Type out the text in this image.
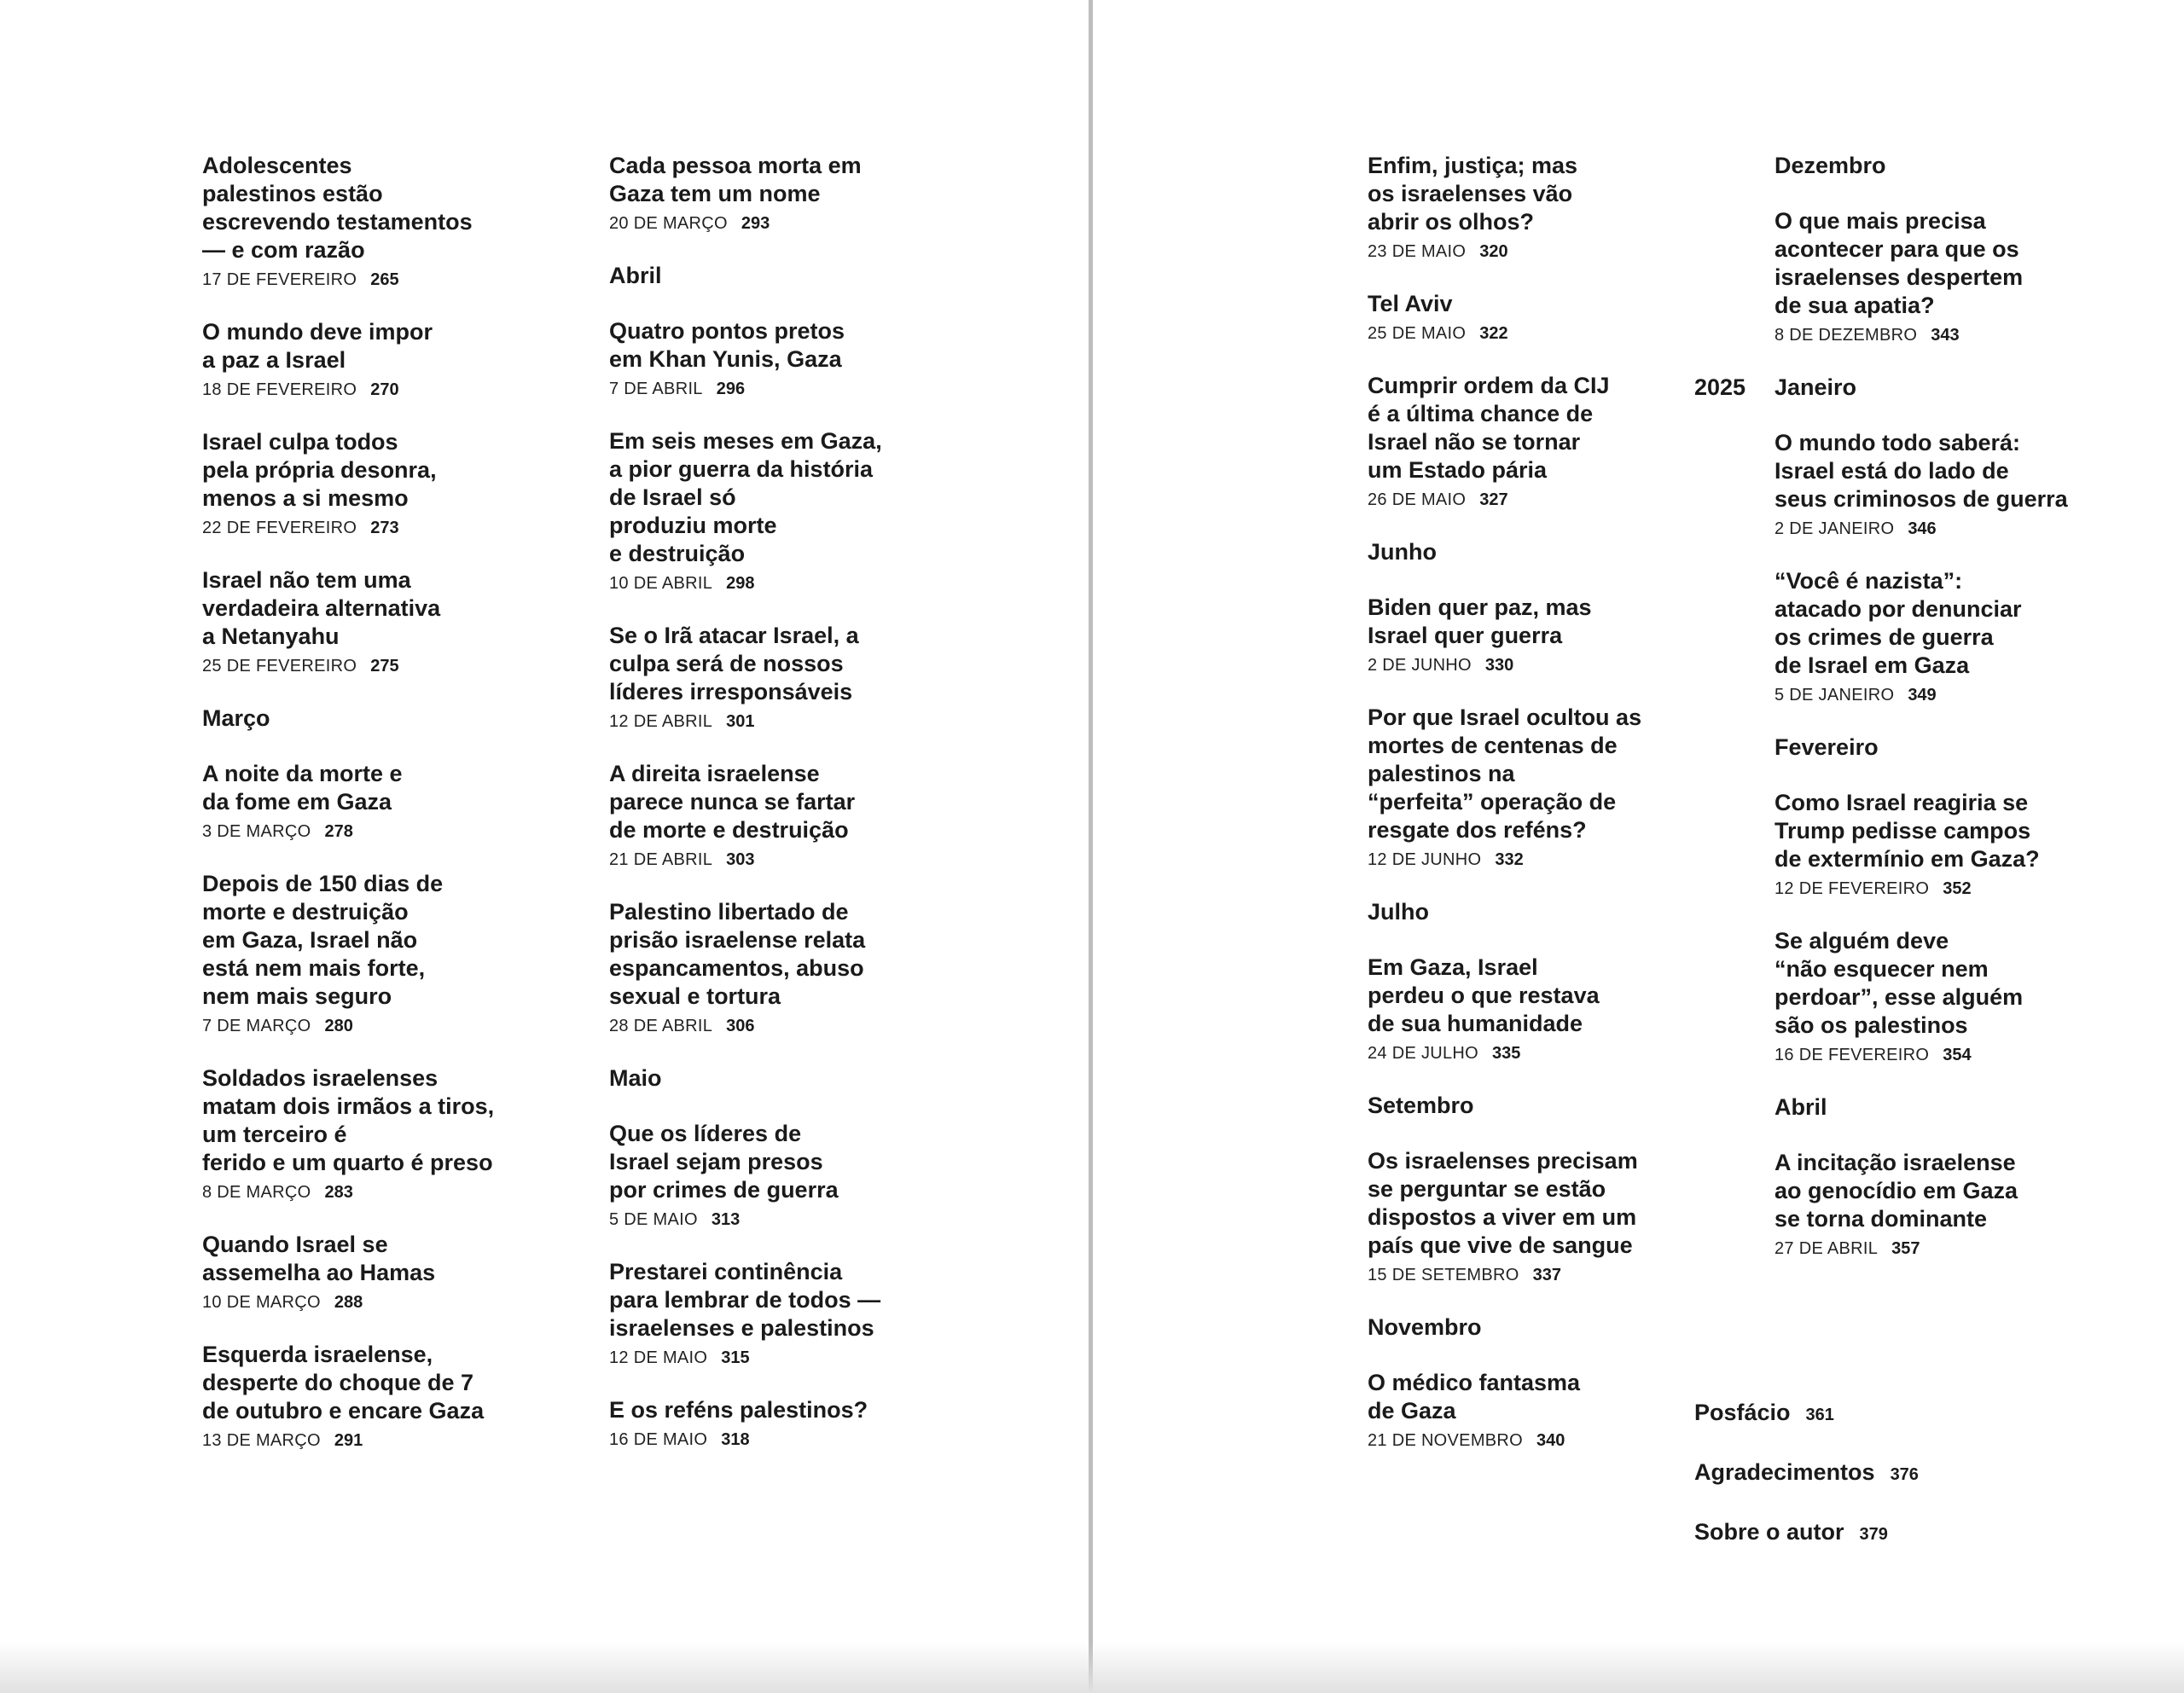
Adolescentes
palestinos estão
escrevendo testamentos
— e com razão
17 DE FEVEREIRO 265
O mundo deve impor
a paz a Israel
18 DE FEVEREIRO 270
Israel culpa todos
pela própria desonra,
menos a si mesmo
22 DE FEVEREIRO 273
Israel não tem uma
verdadeira alternativa
a Netanyahu
25 DE FEVEREIRO 275
Março
A noite da morte e
da fome em Gaza
3 DE MARÇO 278
Depois de 150 dias de
morte e destruição
em Gaza, Israel não
está nem mais forte,
nem mais seguro
7 DE MARÇO 280
Soldados israelenses
matam dois irmãos a tiros,
um terceiro é
ferido e um quarto é preso
8 DE MARÇO 283
Quando Israel se
assemelha ao Hamas
10 DE MARÇO 288
Esquerda israelense,
desperte do choque de 7
de outubro e encare Gaza
13 DE MARÇO 291
Cada pessoa morta em
Gaza tem um nome
20 DE MARÇO 293
Abril
Quatro pontos pretos
em Khan Yunis, Gaza
7 DE ABRIL 296
Em seis meses em Gaza,
a pior guerra da história
de Israel só
produziu morte
e destruição
10 DE ABRIL 298
Se o Irã atacar Israel, a
culpa será de nossos
líderes irresponsáveis
12 DE ABRIL 301
A direita israelense
parece nunca se fartar
de morte e destruição
21 DE ABRIL 303
Palestino libertado de
prisão israelense relata
espancamentos, abuso
sexual e tortura
28 DE ABRIL 306
Maio
Que os líderes de
Israel sejam presos
por crimes de guerra
5 DE MAIO 313
Prestarei continência
para lembrar de todos —
israelenses e palestinos
12 DE MAIO 315
E os reféns palestinos?
16 DE MAIO 318
Enfim, justiça; mas
os israelenses vão
abrir os olhos?
23 DE MAIO 320
Tel Aviv
25 DE MAIO 322
Cumprir ordem da CIJ
é a última chance de
Israel não se tornar
um Estado pária
26 DE MAIO 327
Junho
Biden quer paz, mas
Israel quer guerra
2 DE JUNHO 330
Por que Israel ocultou as
mortes de centenas de
palestinos na
“perfeita” operação de
resgate dos reféns?
12 DE JUNHO 332
Julho
Em Gaza, Israel
perdeu o que restava
de sua humanidade
24 DE JULHO 335
Setembro
Os israelenses precisam
se perguntar se estão
dispostos a viver em um
país que vive de sangue
15 DE SETEMBRO 337
Novembro
O médico fantasma
de Gaza
21 DE NOVEMBRO 340
Dezembro
O que mais precisa
acontecer para que os
israelenses despertem
de sua apatia?
8 DE DEZEMBRO 343
2025 Janeiro
O mundo todo saberá:
Israel está do lado de
seus criminosos de guerra
2 DE JANEIRO 346
“Você é nazista”:
atacado por denunciar
os crimes de guerra
de Israel em Gaza
5 DE JANEIRO 349
Fevereiro
Como Israel reagiria se
Trump pedisse campos
de extermínio em Gaza?
12 DE FEVEREIRO 352
Se alguém deve
“não esquecer nem
perdoar”, esse alguém
são os palestinos
16 DE FEVEREIRO 354
Abril
A incitação israelense
ao genocídio em Gaza
se torna dominante
27 DE ABRIL 357
Posfácio 361
Agradecimentos 376
Sobre o autor 379
